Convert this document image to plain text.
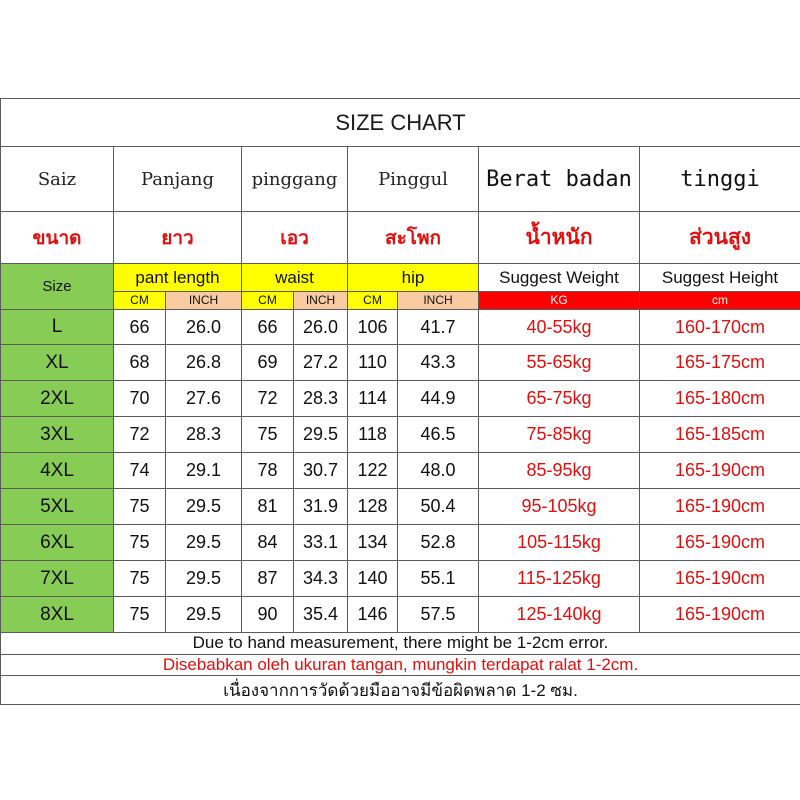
SIZE CHART								
Saiz	Panjang		pinggang		Pinggul		Berat badan	tinggi
ขนาด	ยาว		เอว		สะโพก		น้ำหนัก	ส่วนสูง
Size	pant length		waist		hip		Suggest Weight	Suggest Height
	CM	INCH	CM	INCH	CM	INCH	KG	cm
L	66	26.0	66	26.0	106	41.7	40-55kg	160-170cm
XL	68	26.8	69	27.2	110	43.3	55-65kg	165-175cm
2XL	70	27.6	72	28.3	114	44.9	65-75kg	165-180cm
3XL	72	28.3	75	29.5	118	46.5	75-85kg	165-185cm
4XL	74	29.1	78	30.7	122	48.0	85-95kg	165-190cm
5XL	75	29.5	81	31.9	128	50.4	95-105kg	165-190cm
6XL	75	29.5	84	33.1	134	52.8	105-115kg	165-190cm
7XL	75	29.5	87	34.3	140	55.1	115-125kg	165-190cm
8XL	75	29.5	90	35.4	146	57.5	125-140kg	165-190cm
Due to hand measurement, there might be 1-2cm error.								
Disebabkan oleh ukuran tangan, mungkin terdapat ralat 1-2cm.								
เนื่องจากการวัดด้วยมืออาจมีข้อผิดพลาด 1-2 ซม.								
